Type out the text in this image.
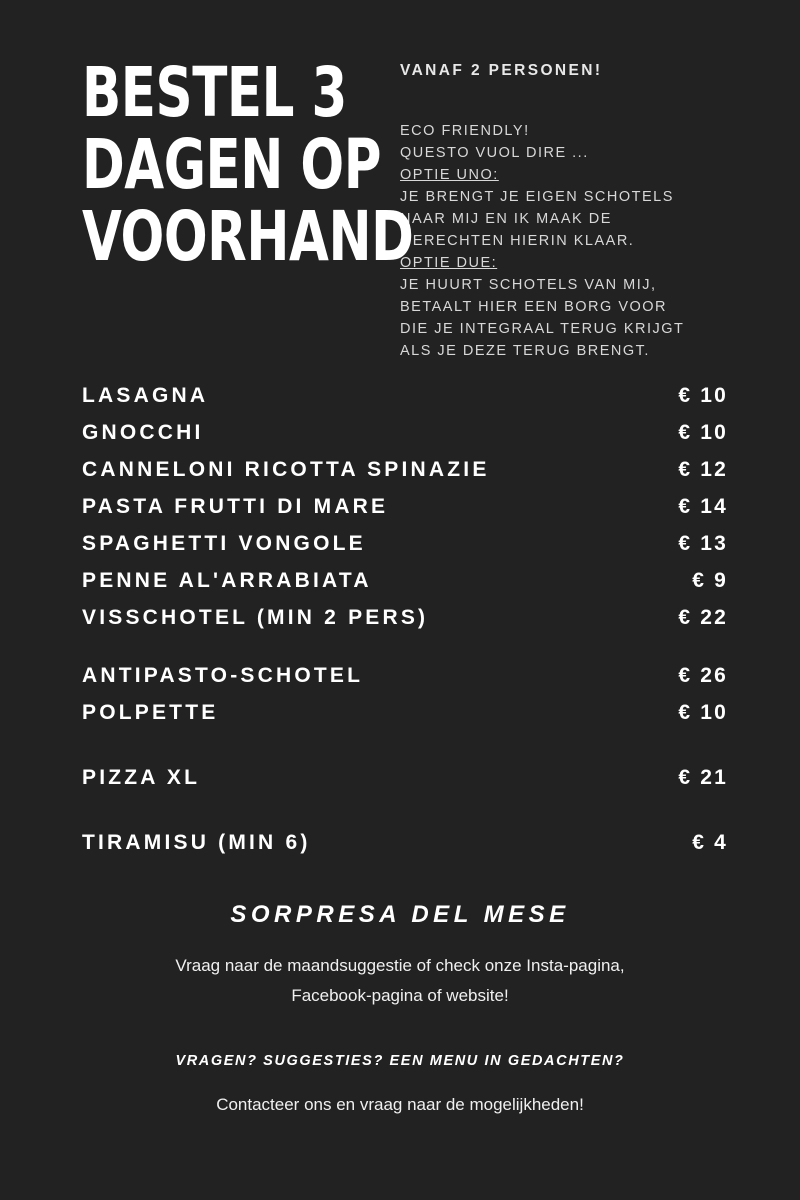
BESTEL 3
DAGEN OP
VOORHAND
VANAF 2 PERSONEN!
ECO FRIENDLY!
QUESTO VUOL DIRE ...
OPTIE UNO:
JE BRENGT JE EIGEN SCHOTELS
NAAR MIJ EN IK MAAK DE
GERECHTEN HIERIN KLAAR.
OPTIE DUE:
JE HUURT SCHOTELS VAN MIJ,
BETAALT HIER EEN BORG VOOR
DIE JE INTEGRAAL TERUG KRIJGT
ALS JE DEZE TERUG BRENGT.
LASAGNA	€ 10
GNOCCHI	€ 10
CANNELONI RICOTTA SPINAZIE	€ 12
PASTA FRUTTI DI MARE	€ 14
SPAGHETTI VONGOLE	€ 13
PENNE AL'ARRABIATA	€ 9
VISSCHOTEL (MIN 2 PERS)	€ 22
ANTIPASTO-SCHOTEL	€ 26
POLPETTE	€ 10
PIZZA XL	€ 21
TIRAMISU (MIN 6)	€ 4
SORPRESA DEL MESE
Vraag naar de maandsuggestie of check onze Insta-pagina,
Facebook-pagina of website!
VRAGEN? SUGGESTIES? EEN MENU IN GEDACHTEN?
Contacteer ons en vraag naar de mogelijkheden!
